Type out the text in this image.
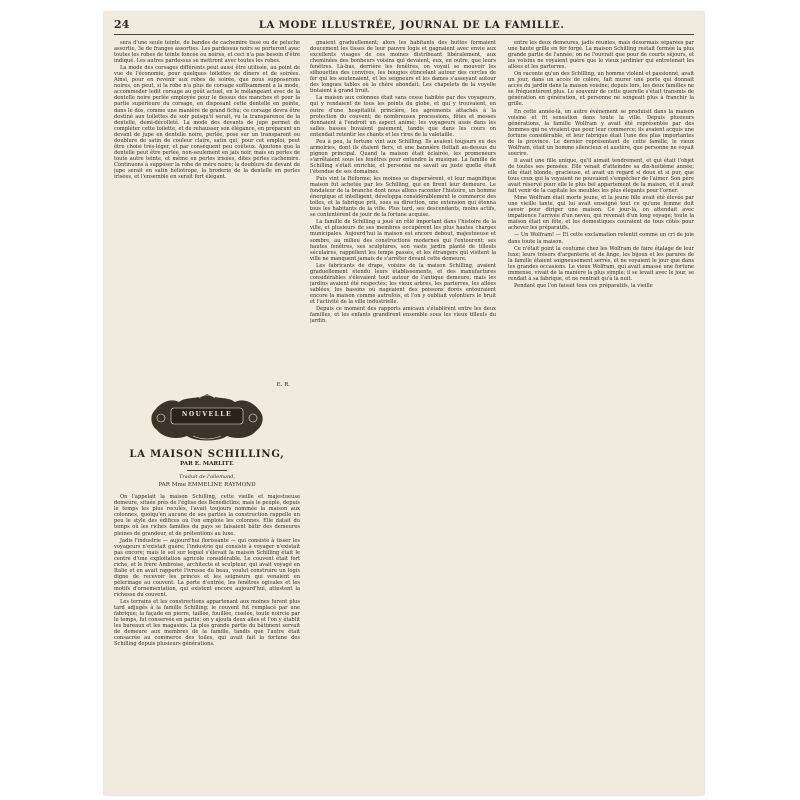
24	LA MODE ILLUSTRÉE, JOURNAL DE LA FAMILLE.

sera d'une seule teinte, de bandes de cachemire tissé ou de peluche assortie, 3e de franges assorties. Les pardessus noirs se porteront avec toutes les robes de teinte foncée ou noires, et ceci n'a pas besoin d'être indiqué. Les autres pardessus se mettront avec toutes les robes.

La mode des corsages différents peut aussi être utilisée, au point de vue de l'économie, pour quelques toilettes de dîners et de soirées. Ainsi, pour en revenir aux robes de soirée, que nous supposerons noires, on peut, si la robe n'a plus de corsage suffisamment à la mode, accommoder ledit corsage au goût actuel, en le mélangeant avec de la dentelle noire perlée employée pour le dessus des manches et pour la partie supérieure du corsage, en disposant cette dentelle en pointe, dans le dos, comme une manière de grand fichu; ce corsage devra être destiné aux toilettes du soir puisqu'il serait, vu la transparence de la dentelle, demi-décolleté. La mode des devants de jupe permet de compléter cette toilette, et de rehausser son élégance, en préparant un devant de jupe en dentelle noire, perlée, posé sur un transparent ou doublure de satin de couleur claire, satin qui, pour cet emploi, peut être choisi très-léger, et par conséquent peu coûteux. Ajoutons que la dentelle peut être perlée, non-seulement en jais noir, mais en perles de toute autre teinte, et même en perles irisées, dites perles cachemire. Continuons à supposer la robe de mère noire; la doublure du devant de jupe serait en satin héliotrope, la broderie de la dentelle en perles irisées, et l'ensemble en serait fort élégant.

E. R.
NOUVELLE
LA MAISON SCHILLING,
PAR E. MARLITT.
Traduit de l'allemand,
PAR Mme EMMELINE RAYMOND

On l'appelait la maison Schilling, cette vieille et majestueuse demeure, située près de l'église des Bénédictins; mais le peuple, depuis le temps les plus reculés, l'avait toujours nommée la maison aux colonnes, quoiqu'en aucune de ses parties la construction rappelle un peu le style des édifices où l'on emploie les colonnes. Elle datait du temps où les riches familles du pays se faisaient bâtir des demeures pleines de grandeur, et de prétentions au luxe.

Jadis l'industrie — aujourd'hui florissante — qui consiste à tisser les voyageurs n'existait guère; l'industrie qui consiste à voyager n'existait pas encore; mais le sol sur lequel s'élevait la maison Schilling était le centre d'une exploitation agricole considérable. Le couvent était fort riche, et le frère Ambroise, architecte et sculpteur, qui avait voyagé en Italie et en avait rapporté l'ivresse du beau, voulut construire un logis digne de recevoir les princes et les seigneurs qui venaient en pèlerinage au couvent. La porte d'entrée, les fenêtres ogivales et les motifs d'ornementation, qui existent encore aujourd'hui, attestent la richesse du couvent.

Les terrains et les constructions appartenant aux moines furent plus tard adjugés à la famille Schilling; le couvent fut remplacé par une fabrique; la façade en pierre, taillée, fouillée, ciselée, toute noircie par le temps, fut conservée en partie; on y ajouta deux ailes et l'on y établit les bureaux et les magasins. La plus grande partie du bâtiment servait de demeure aux membres de la famille, tandis que l'autre était consacrée au commerce des toiles, qui avait fait la fortune des Schilling depuis plusieurs générations.

gnaient graduellement; alors les habitants des huttes formaient doucement les tisses de leur pauvre logis et gagnaient avec envie aux excellents visages de ces moines distribuant libéralement, aux cheminées des bonheurs voisins qui devaient, eux, en outre, que leurs fenêtres. Là-bas, derrière les fenêtres, on voyait se mouvoir les silhouettes des convives, les bougies étincelant autour des cercles de fer qui les soutenaient, et les seigneurs et les dames s'asseyant autour des longues tables où la chère abondait. Les chapelets de la voyelle tintaient à grand bruit.

La maison aux colonnes était sans cesse habitée par des voyageurs, qui y rendaient de tous les points du globe, et qui y trouvaient, en outre d'une hospitalité princière, les agréments attachés à la protection du couvent; de nombreuses processions, fêtes et messes donnaient à l'endroit un aspect animé; les voyageurs assis dans les salles basses buvaient gaiement, tandis que dans les cours on entendait retentir les chants et les rires de la valetaille.

Peu à peu, la fortune vint aux Schilling. Ils avaient toujours eu des armoiries, dont ils étaient fiers, et une bannière flottait au-dessus du pignon principal. Quand la maison était éclairée, les promeneurs s'arrêtaient sous les fenêtres pour entendre la musique. La famille de Schilling s'était enrichie, et personne ne savait au juste quelle était l'étendue de ses domaines.

Puis vint la Réforme; les moines se dispersèrent, et leur magnifique maison fut achetée par les Schilling, qui en firent leur demeure. Le fondateur de la branche dont nous allons raconter l'histoire, un homme énergique et intelligent, développa considérablement le commerce des toiles, et la fabrique prit, sous sa direction, une extension qui étonna tous les habitants de la ville. Plus tard, ses descendants, moins actifs, se contentèrent de jouir de la fortune acquise.

La famille de Schilling a joué un rôle important dans l'histoire de la ville, et plusieurs de ses membres occupèrent les plus hautes charges municipales. Aujourd'hui la maison est encore debout, majestueuse et sombre, au milieu des constructions modernes qui l'entourent; ses hautes fenêtres, ses sculptures, son vaste jardin planté de tilleuls séculaires, rappellent les temps passés, et les étrangers qui visitent la ville ne manquent jamais de s'arrêter devant cette demeure.

Les fabricants de draps, voisins de la maison Schilling, avaient graduellement étendu leurs établissements, et des manufactures considérables s'élevaient tout autour de l'antique demeure; mais les jardins avaient été respectés; les vieux arbres, les parterres, les allées sablées, les bassins où nageaient des poissons dorés entouraient encore la maison comme autrefois, et l'on y oubliait volontiers le bruit et l'activité de la ville industrielle.

Depuis ce moment des rapports amicaux s'établirent entre les deux familles, et les enfants grandirent ensemble sous les vieux tilleuls du jardin.

entre les deux demeures, jadis réunies, mais désormais séparées par une haute grille en fer forgé. La maison Schilling restait fermée la plus grande partie de l'année; on ne l'ouvrait que pour de courts séjours, et les voisins ne voyaient guère que le vieux jardinier qui entretenait les allées et les parterres.

On raconte qu'un des Schilling, un homme violent et passionné, avait un jour, dans un accès de colère, fait murer une porte qui donnait accès du jardin dans la maison voisine; depuis lors, les deux familles ne se fréquentèrent plus. Le souvenir de cette querelle s'était transmis de génération en génération, et personne ne songeait plus à franchir la grille.

En cette année-là, un autre événement se produisit dans la maison voisine et fit sensation dans toute la ville. Depuis plusieurs générations, la famille Wolfram y avait été représentée par des hommes qui ne vivaient que pour leur commerce; ils avaient acquis une fortune considérable, et leur fabrique était l'une des plus importantes de la province. Le dernier représentant de cette famille, le vieux Wolfram, était un homme silencieux et austère, que personne ne voyait sourire.

Il avait une fille unique, qu'il aimait tendrement, et qui était l'objet de toutes ses pensées. Elle venait d'atteindre sa dix-huitième année; elle était blonde, gracieuse, et avait un regard si doux et si pur, que tous ceux qui la voyaient ne pouvaient s'empêcher de l'aimer. Son père avait réservé pour elle le plus bel appartement de la maison, et il avait fait venir de la capitale les meubles les plus élégants pour l'orner.

Mme Wolfram était morte jeune, et la jeune fille avait été élevée par une vieille tante, qui lui avait enseigné tout ce qu'une femme doit savoir pour diriger une maison. Ce jour-là, on attendait avec impatience l'arrivée d'un neveu, qui revenait d'un long voyage; toute la maison était en fête, et les domestiques couraient de tous côtés pour achever les préparatifs.

— Un Wolfram! — Et cette exclamation retentit comme un cri de joie dans toute la maison.

Ce n'était point la coutume chez les Wolfram de faire étalage de leur luxe; leurs trésors d'argenterie et de linge, les bijoux et les parures de la famille étaient soigneusement serrés, et ne voyaient le jour que dans les grandes occasions. Le vieux Wolfram, qui avait amassé une fortune immense, vivait de la manière la plus simple; il se levait avec le jour, se rendait à sa fabrique, et ne rentrait qu'à la nuit.

Pendant que l'on faisait tous ces préparatifs, la vieille
